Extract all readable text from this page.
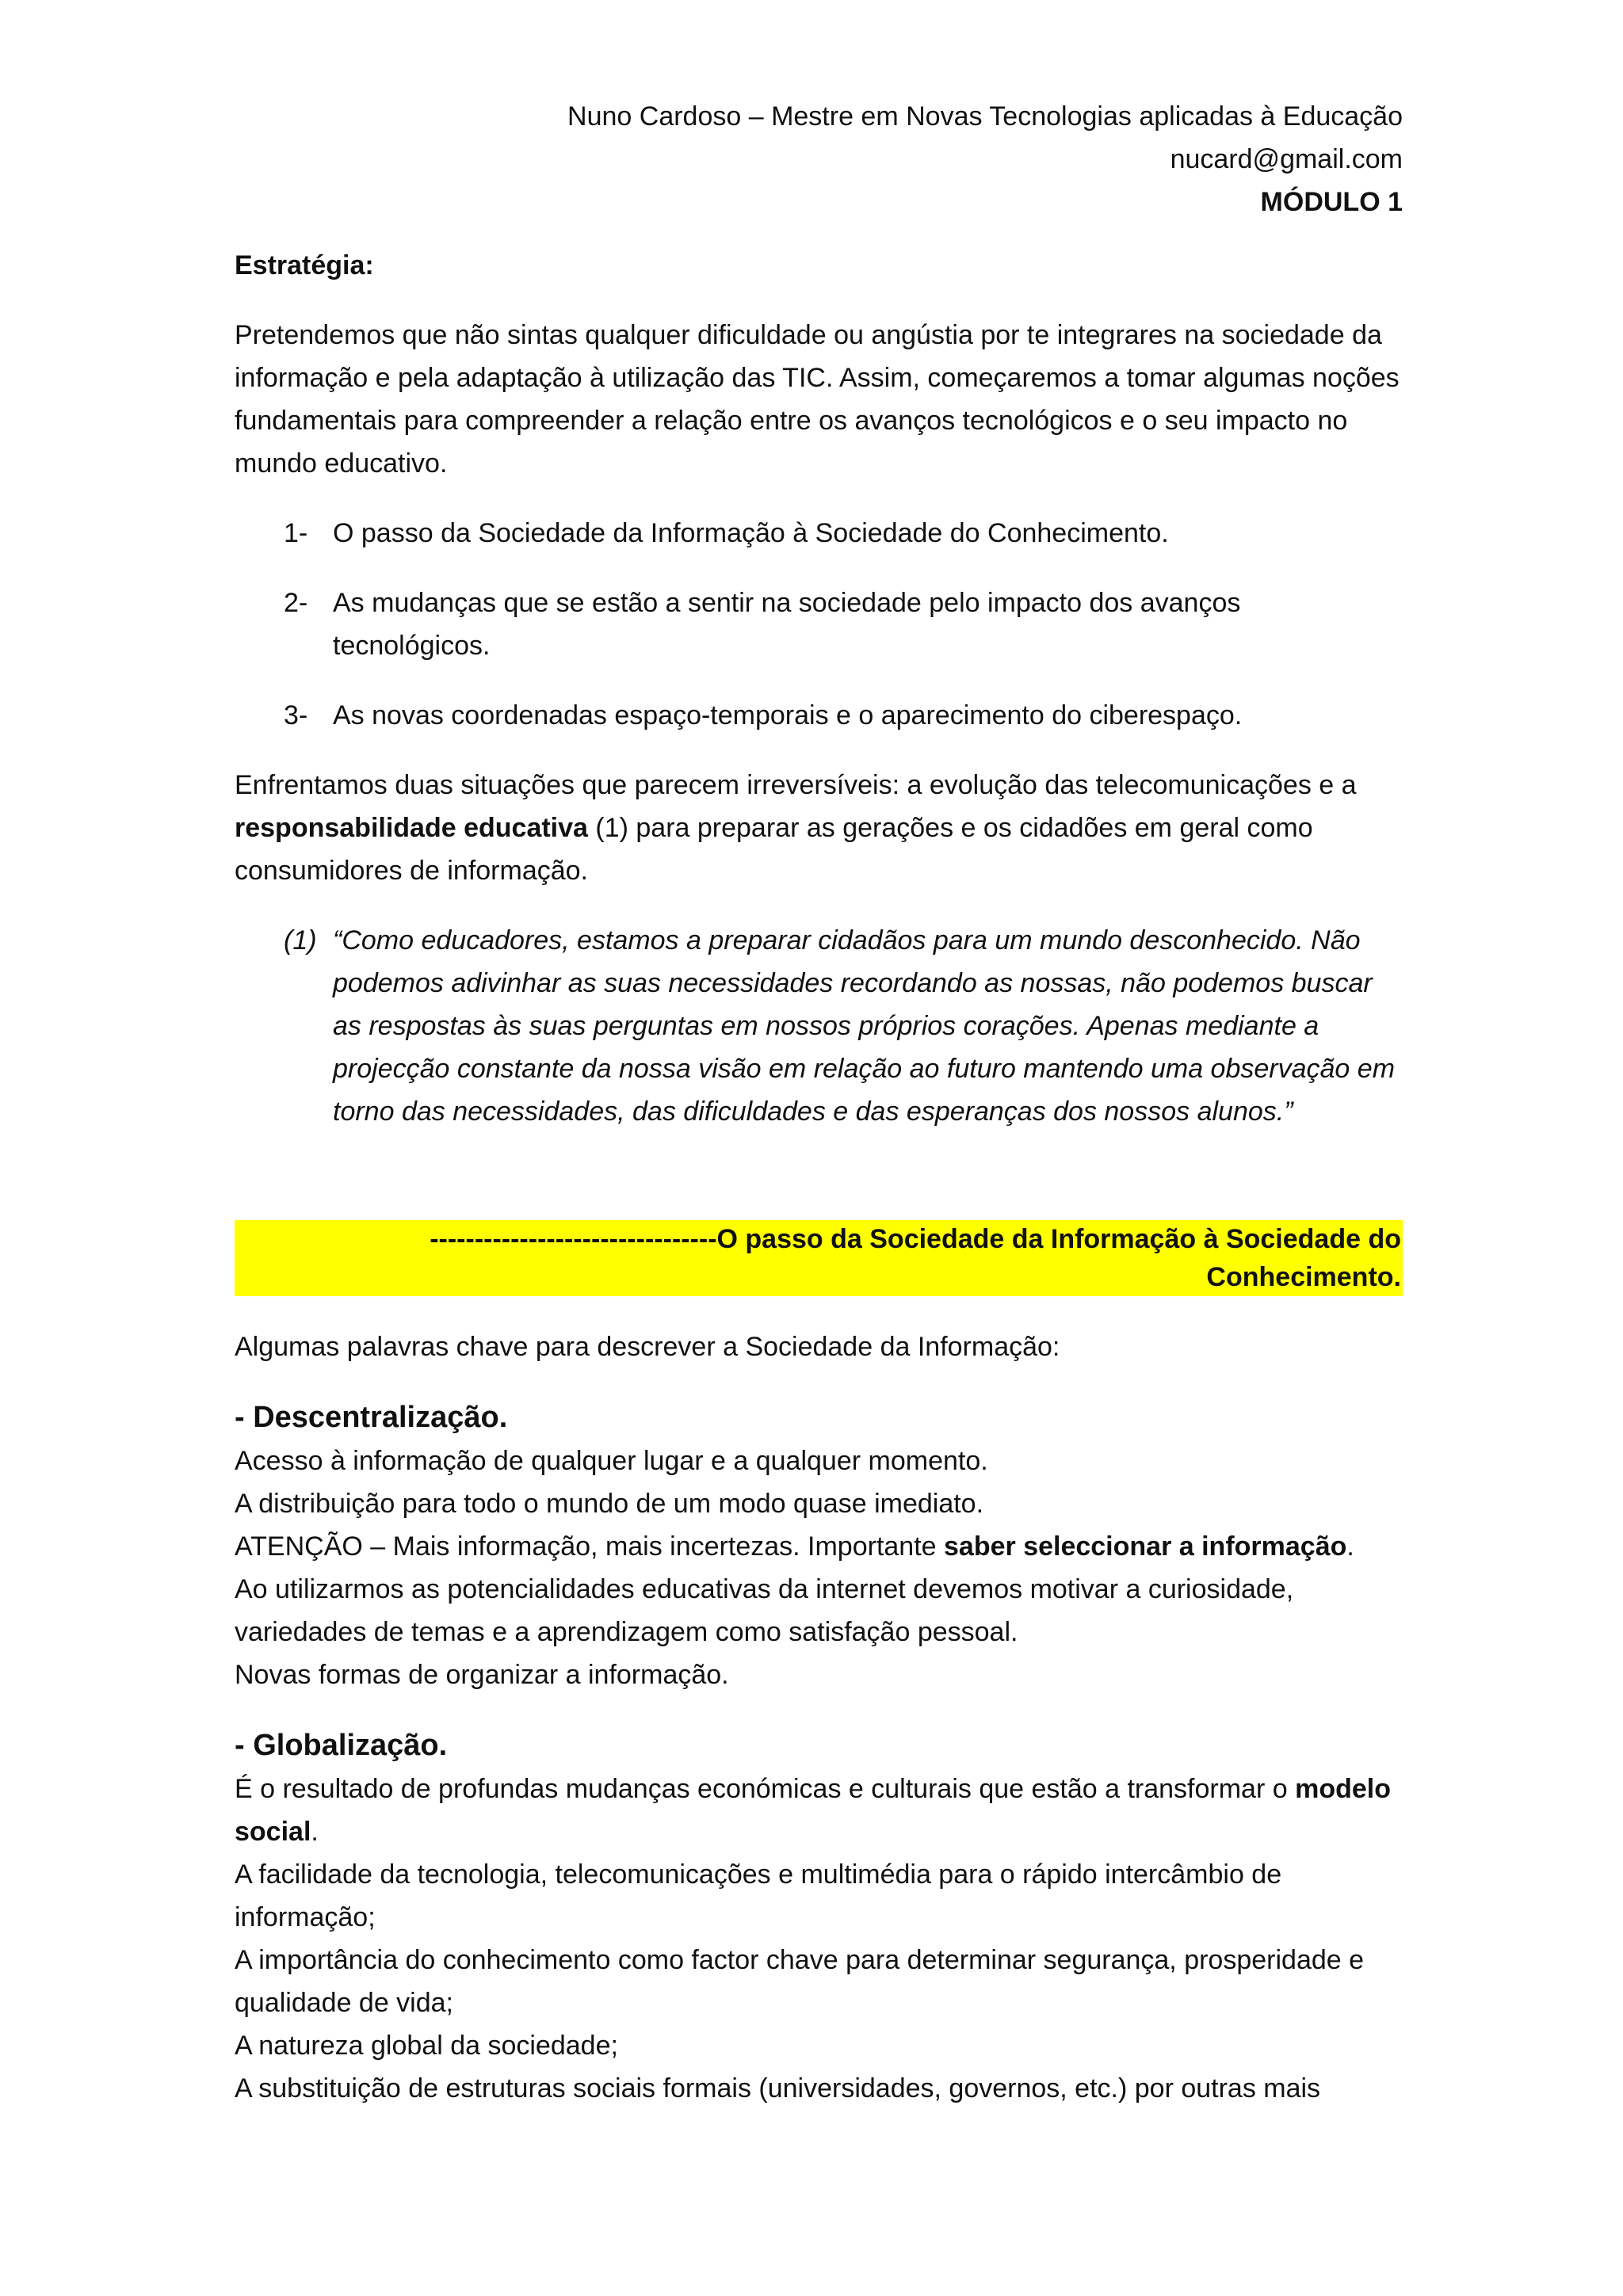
Nuno Cardoso – Mestre em Novas Tecnologias aplicadas à Educação

nucard@gmail.com

MÓDULO 1

Estratégia:

Pretendemos que não sintas qualquer dificuldade ou angústia por te integrares na sociedade da informação e pela adaptação à utilização das TIC. Assim, começaremos a tomar algumas noções fundamentais para compreender a relação entre os avanços tecnológicos e o seu impacto no mundo educativo.

1- O passo da Sociedade da Informação à Sociedade do Conhecimento.
2- As mudanças que se estão a sentir na sociedade pelo impacto dos avanços tecnológicos.
3- As novas coordenadas espaço-temporais e o aparecimento do ciberespaço.

Enfrentamos duas situações que parecem irreversíveis: a evolução das telecomunicações e a responsabilidade educativa (1) para preparar as gerações e os cidadões em geral como consumidores de informação.

(1) “Como educadores, estamos a preparar cidadãos para um mundo desconhecido. Não podemos adivinhar as suas necessidades recordando as nossas, não podemos buscar as respostas às suas perguntas em nossos próprios corações. Apenas mediante a projecção constante da nossa visão em relação ao futuro mantendo uma observação em torno das necessidades, das dificuldades e das esperanças dos nossos alunos.”
--------------------------------O passo da Sociedade da Informação à Sociedade do Conhecimento.

Algumas palavras chave para descrever a Sociedade da Informação:

- Descentralização.

Acesso à informação de qualquer lugar e a qualquer momento.

A distribuição para todo o mundo de um modo quase imediato.

ATENÇÃO – Mais informação, mais incertezas. Importante saber seleccionar a informação.

Ao utilizarmos as potencialidades educativas da internet devemos motivar a curiosidade, variedades de temas e a aprendizagem como satisfação pessoal.

Novas formas de organizar a informação.

- Globalização.

É o resultado de profundas mudanças económicas e culturais que estão a transformar o modelo social.

A facilidade da tecnologia, telecomunicações e multimédia para o rápido intercâmbio de informação;

A importância do conhecimento como factor chave para determinar segurança, prosperidade e qualidade de vida;

A natureza global da sociedade;

A substituição de estruturas sociais formais (universidades, governos, etc.) por outras mais
